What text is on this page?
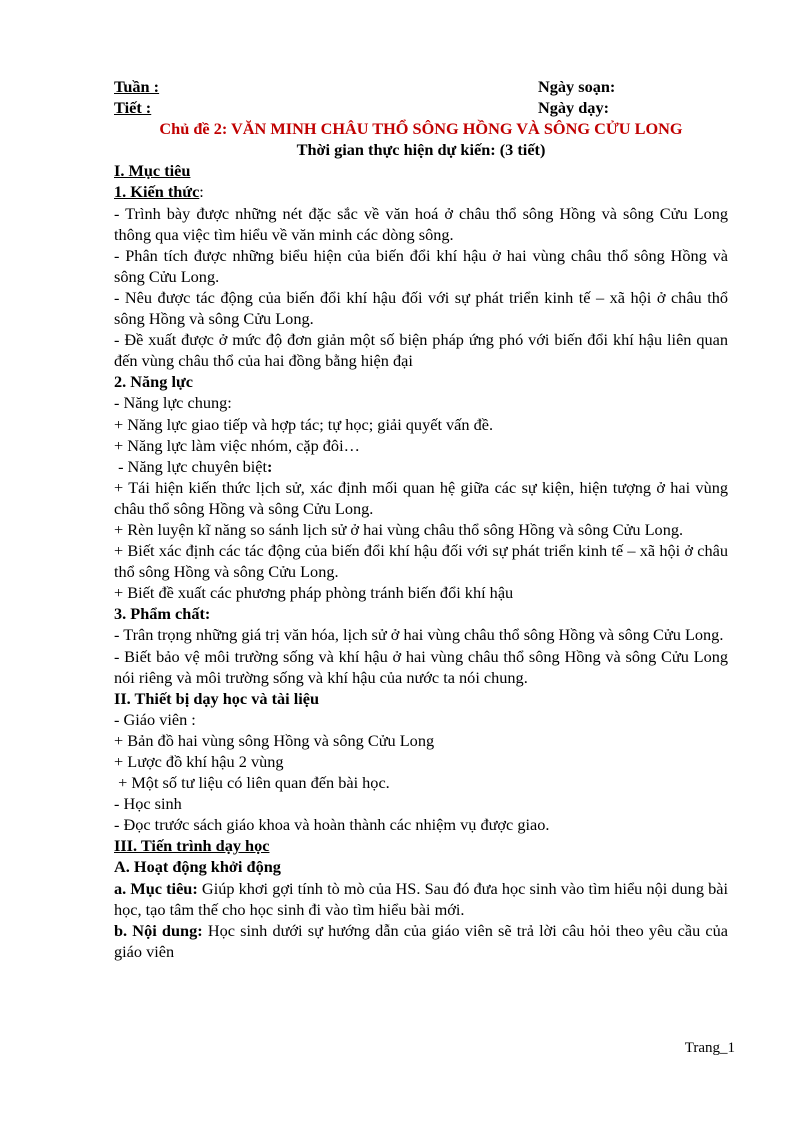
Tuần :	Ngày soạn:
Tiết :	Ngày dạy:
Chủ đề 2: VĂN MINH CHÂU THỔ SÔNG HỒNG VÀ SÔNG CỬU LONG
Thời gian thực hiện dự kiến: (3 tiết)
I. Mục tiêu
1. Kiến thức:
- Trình bày được những nét đặc sắc về văn hoá ở châu thổ sông Hồng và sông Cửu Long thông qua việc tìm hiểu về văn minh các dòng sông.
- Phân tích được những biểu hiện của biến đổi khí hậu ở hai vùng châu thổ sông Hồng và sông Cửu Long.
- Nêu được tác động của biến đổi khí hậu đối với sự phát triển kinh tế – xã hội ở châu thổ sông Hồng và sông Cửu Long.
- Đề xuất được ở mức độ đơn giản một số biện pháp ứng phó với biến đổi khí hậu liên quan đến vùng châu thổ của hai đồng bằng hiện đại
2. Năng lực
- Năng lực chung:
+ Năng lực giao tiếp và hợp tác; tự học; giải quyết vấn đề.
+ Năng lực làm việc nhóm, cặp đôi…
- Năng lực chuyên biệt:
+ Tái hiện kiến thức lịch sử, xác định mối quan hệ giữa các sự kiện, hiện tượng ở hai vùng châu thổ sông Hồng và sông Cửu Long.
+ Rèn luyện kĩ năng so sánh lịch sử ở hai vùng châu thổ sông Hồng và sông Cửu Long.
+ Biết xác định các tác động của biến đổi khí hậu đối với sự phát triển kinh tế – xã hội ở châu thổ sông Hồng và sông Cửu Long.
+ Biết đề xuất các phương pháp phòng tránh biến đổi khí hậu
3. Phẩm chất:
- Trân trọng những giá trị văn hóa, lịch sử ở hai vùng châu thổ sông Hồng và sông Cửu Long.
- Biết bảo vệ môi trường sống và khí hậu ở hai vùng châu thổ sông Hồng và sông Cửu Long nói riêng và môi trường sống và khí hậu của nước ta nói chung.
II. Thiết bị dạy học và tài liệu
- Giáo viên :
+ Bản đồ hai vùng sông Hồng và sông Cửu Long
+ Lược đồ khí hậu 2 vùng
+ Một số tư liệu có liên quan đến bài học.
- Học sinh
- Đọc trước sách giáo khoa và hoàn thành các nhiệm vụ được giao.
III. Tiến trình dạy học
A. Hoạt động khởi động
a. Mục tiêu: Giúp khơi gợi tính tò mò của HS. Sau đó đưa học sinh vào tìm hiểu nội dung bài học, tạo tâm thế cho học sinh đi vào tìm hiểu bài mới.
b. Nội dung: Học sinh dưới sự hướng dẫn của giáo viên sẽ trả lời câu hỏi theo yêu cầu của giáo viên
Trang_1
